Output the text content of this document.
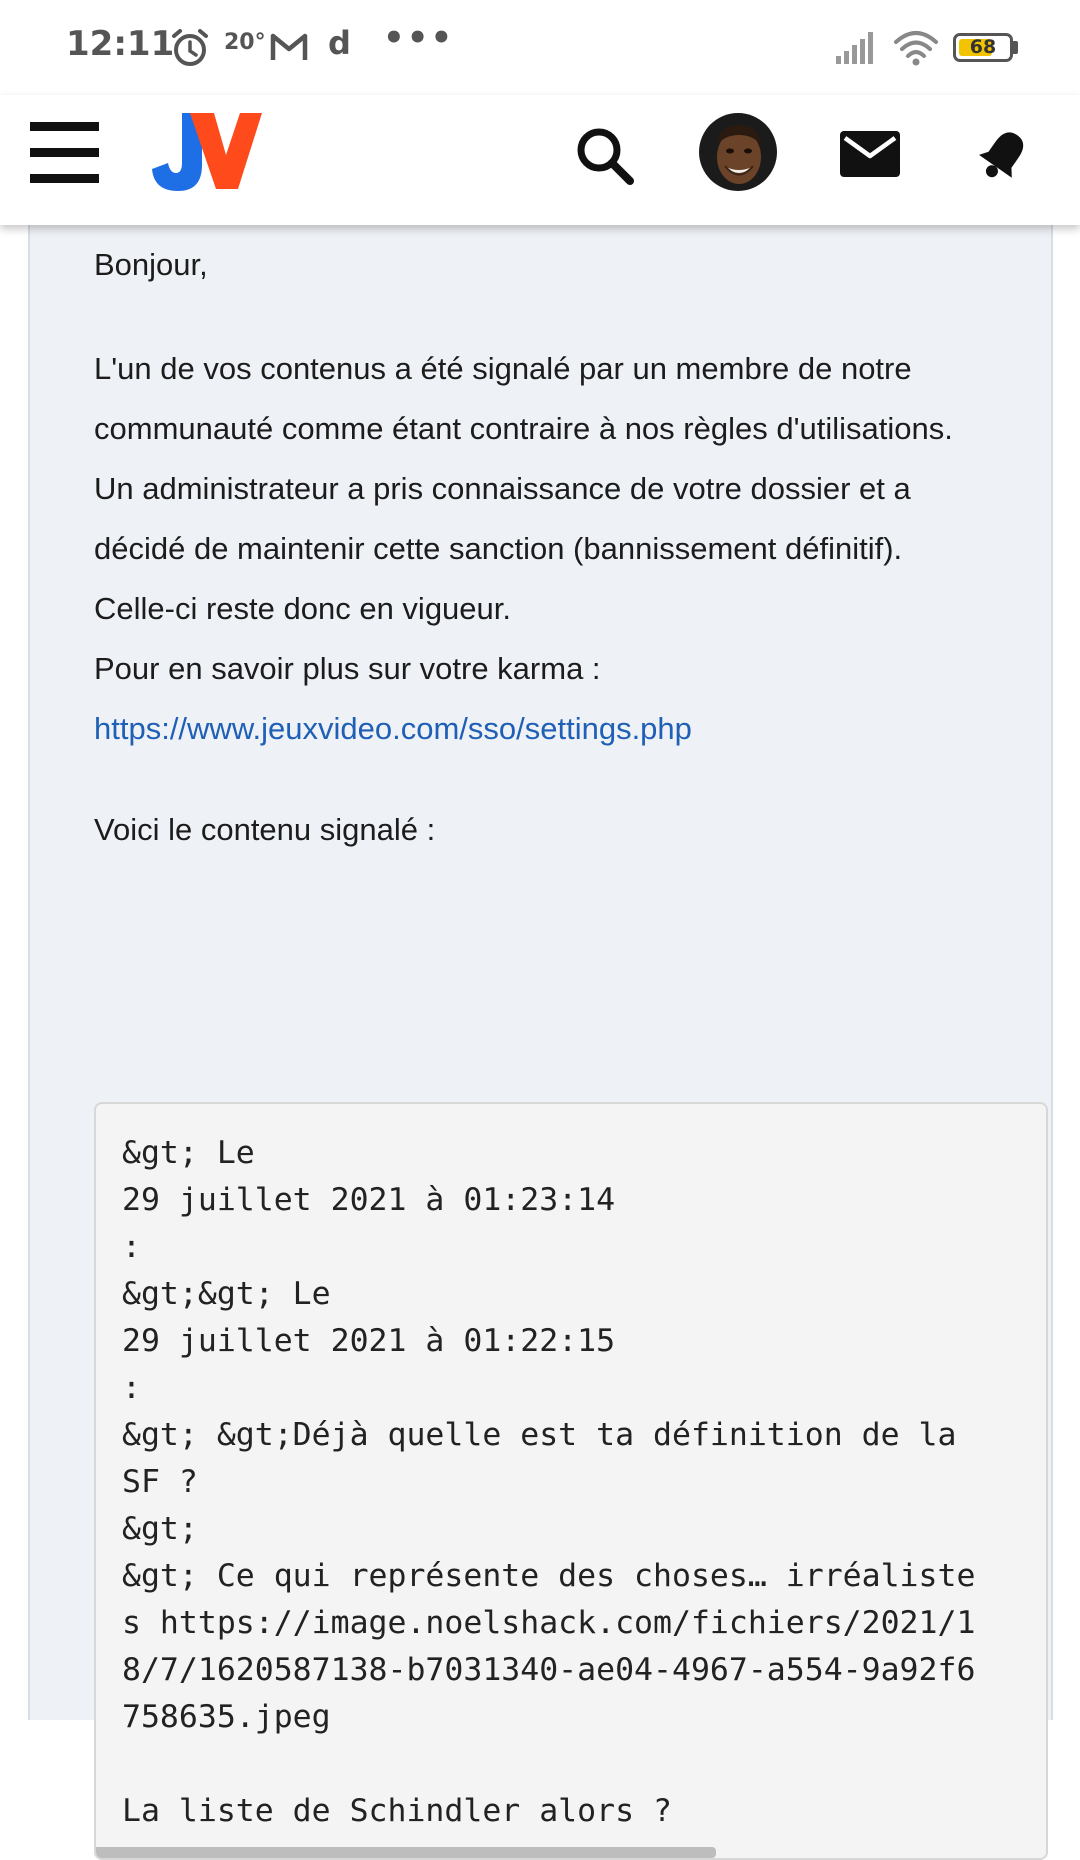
12:11 20° d •••	68
Bonjour,
L'un de vos contenus a été signalé par un membre de notre
communauté comme étant contraire à nos règles d'utilisations.
Un administrateur a pris connaissance de votre dossier et a
décidé de maintenir cette sanction (bannissement définitif).
Celle-ci reste donc en vigueur.
Pour en savoir plus sur votre karma :
https://www.jeuxvideo.com/sso/settings.php
Voici le contenu signalé :
&gt; Le
29 juillet 2021 à 01:23:14
:
&gt;&gt; Le
29 juillet 2021 à 01:22:15
:
&gt; &gt;Déjà quelle est ta définition de la
SF ?
&gt;
&gt; Ce qui représente des choses… irréaliste
s https://image.noelshack.com/fichiers/2021/1
8/7/1620587138-b7031340-ae04-4967-a554-9a92f6
758635.jpeg

La liste de Schindler alors ?
